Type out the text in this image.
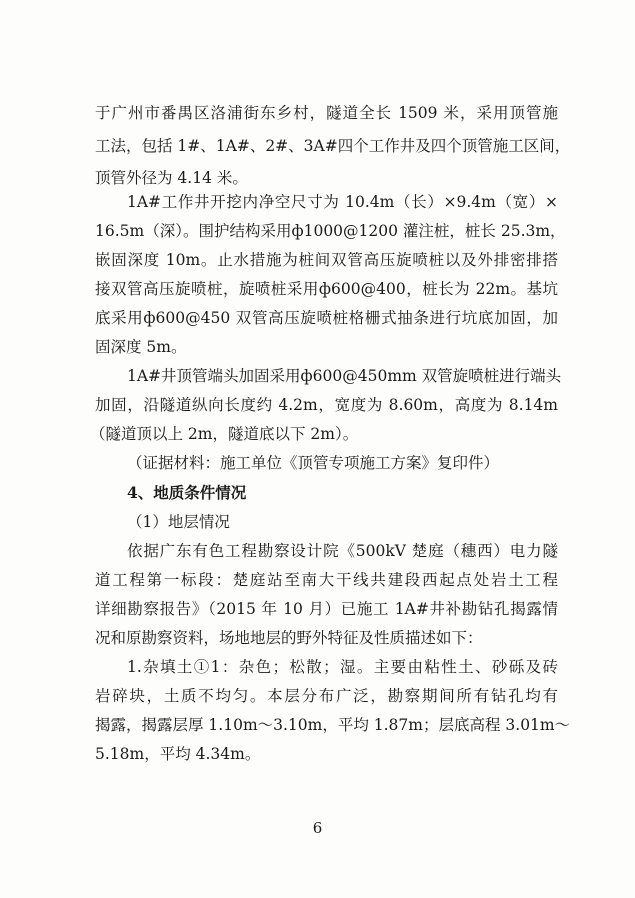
于广州市番禺区洛浦街东乡村，隧道全长 1509 米，采用顶管施
工法，包括 1#、1A#、2#、3A#四个工作井及四个顶管施工区间，
顶管外径为 4.14 米。
1A#工作井开挖内净空尺寸为 10.4m（长）×9.4m（宽）×
16.5m（深）。围护结构采用ф1000@1200 灌注桩，桩长 25.3m，
嵌固深度 10m。止水措施为桩间双管高压旋喷桩以及外排密排搭
接双管高压旋喷桩，旋喷桩采用ф600@400，桩长为 22m。基坑
底采用ф600@450 双管高压旋喷桩格栅式抽条进行坑底加固，加
固深度 5m。
1A#井顶管端头加固采用ф600@450mm 双管旋喷桩进行端头
加固，沿隧道纵向长度约 4.2m，宽度为 8.60m，高度为 8.14m
（隧道顶以上 2m，隧道底以下 2m）。
（证据材料：施工单位《顶管专项施工方案》复印件）
4、地质条件情况
（1）地层情况
依据广东有色工程勘察设计院《500kV 楚庭（穗西）电力隧
道工程第一标段：楚庭站至南大干线共建段西起点处岩土工程
详细勘察报告》（2015 年 10 月）已施工 1A#井补勘钻孔揭露情
况和原勘察资料，场地地层的野外特征及性质描述如下：
1.杂填土①1：杂色；松散；湿。主要由粘性土、砂砾及砖
岩碎块，土质不均匀。本层分布广泛，勘察期间所有钻孔均有
揭露，揭露层厚 1.10m～3.10m，平均 1.87m；层底高程 3.01m～
5.18m，平均 4.34m。
6
